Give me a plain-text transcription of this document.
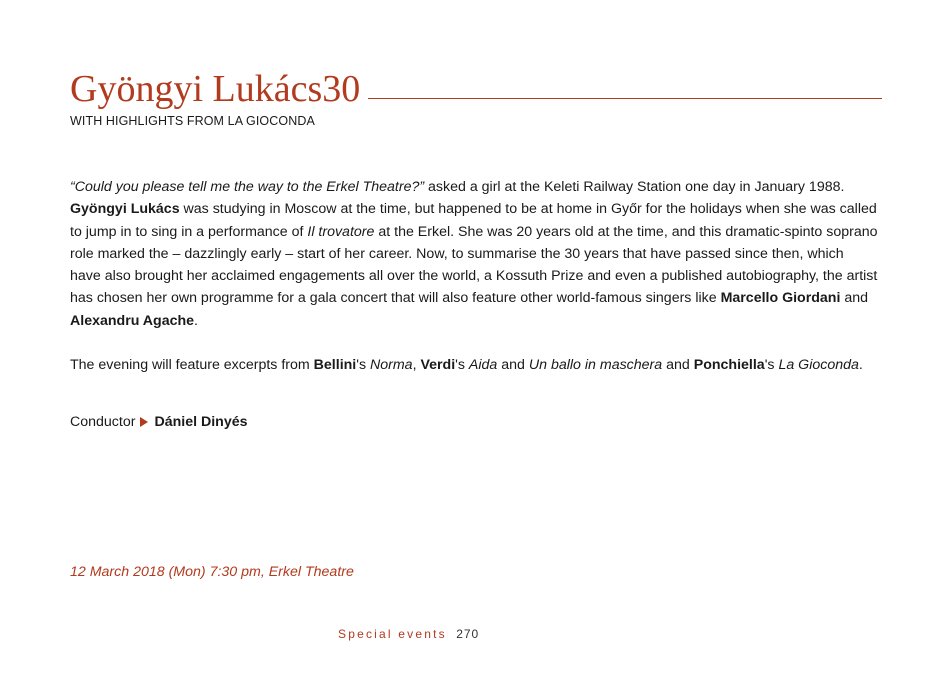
Gyöngyi Lukács30
WITH HIGHLIGHTS FROM LA GIOCONDA

“Could you please tell me the way to the Erkel Theatre?” asked a girl at the Keleti Railway Station one day in January 1988. Gyöngyi Lukács was studying in Moscow at the time, but happened to be at home in Győr for the holidays when she was called to jump in to sing in a performance of Il trovatore at the Erkel. She was 20 years old at the time, and this dramatic-spinto soprano role marked the – dazzlingly early – start of her career. Now, to summarise the 30 years that have passed since then, which have also brought her acclaimed engagements all over the world, a Kossuth Prize and even a published autobiography, the artist has chosen her own programme for a gala concert that will also feature other world-famous singers like Marcello Giordani and Alexandru Agache.

The evening will feature excerpts from Bellini's Norma, Verdi's Aida and Un ballo in maschera and Ponchiella's La Gioconda.

Conductor Dániel Dinyés
12 March 2018 (Mon) 7:30 pm, Erkel Theatre
Special events 270
